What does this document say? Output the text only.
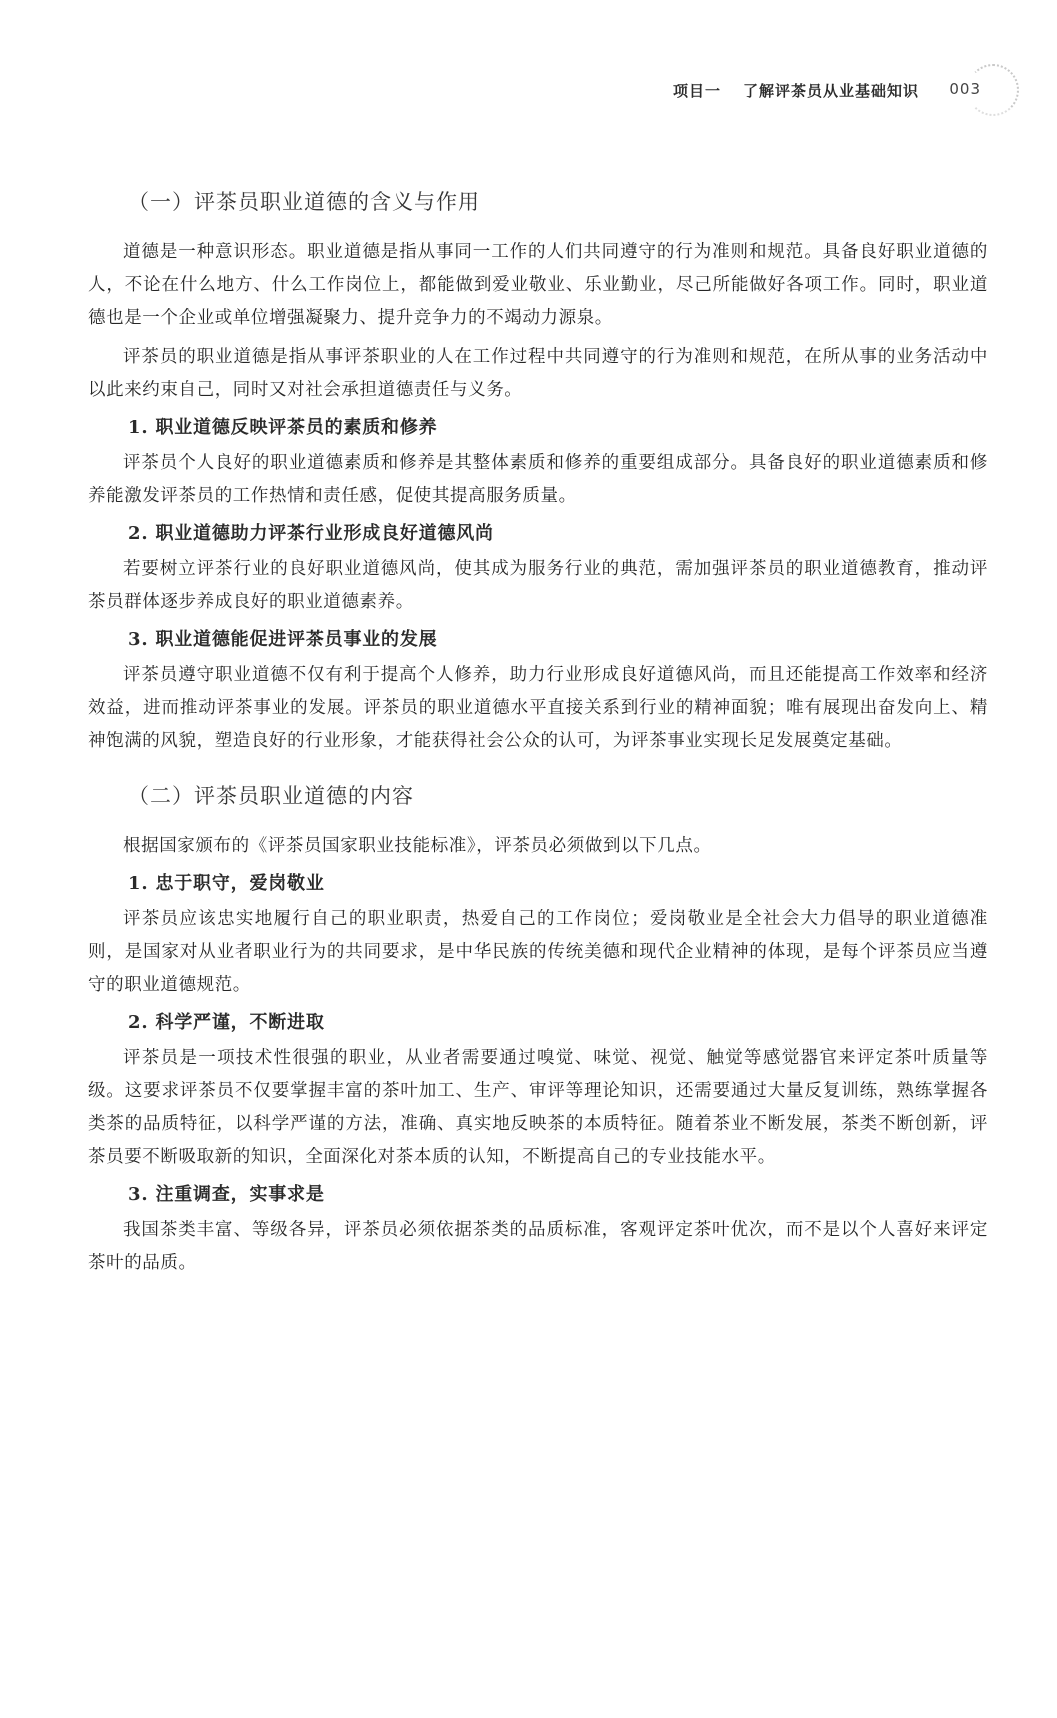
项目一 了解评茶员从业基础知识 003
（一）评茶员职业道德的含义与作用

道德是一种意识形态。职业道德是指从事同一工作的人们共同遵守的行为准则和规范。具备良好职业道德的人，不论在什么地方、什么工作岗位上，都能做到爱业敬业、乐业勤业，尽己所能做好各项工作。同时，职业道德也是一个企业或单位增强凝聚力、提升竞争力的不竭动力源泉。

评茶员的职业道德是指从事评茶职业的人在工作过程中共同遵守的行为准则和规范，在所从事的业务活动中以此来约束自己，同时又对社会承担道德责任与义务。

1. 职业道德反映评茶员的素质和修养

评茶员个人良好的职业道德素质和修养是其整体素质和修养的重要组成部分。具备良好的职业道德素质和修养能激发评茶员的工作热情和责任感，促使其提高服务质量。

2. 职业道德助力评茶行业形成良好道德风尚

若要树立评茶行业的良好职业道德风尚，使其成为服务行业的典范，需加强评茶员的职业道德教育，推动评茶员群体逐步养成良好的职业道德素养。

3. 职业道德能促进评茶员事业的发展

评茶员遵守职业道德不仅有利于提高个人修养，助力行业形成良好道德风尚，而且还能提高工作效率和经济效益，进而推动评茶事业的发展。评茶员的职业道德水平直接关系到行业的精神面貌；唯有展现出奋发向上、精神饱满的风貌，塑造良好的行业形象，才能获得社会公众的认可，为评茶事业实现长足发展奠定基础。

（二）评茶员职业道德的内容

根据国家颁布的《评茶员国家职业技能标准》，评茶员必须做到以下几点。

1. 忠于职守，爱岗敬业

评茶员应该忠实地履行自己的职业职责，热爱自己的工作岗位；爱岗敬业是全社会大力倡导的职业道德准则，是国家对从业者职业行为的共同要求，是中华民族的传统美德和现代企业精神的体现，是每个评茶员应当遵守的职业道德规范。

2. 科学严谨，不断进取

评茶员是一项技术性很强的职业，从业者需要通过嗅觉、味觉、视觉、触觉等感觉器官来评定茶叶质量等级。这要求评茶员不仅要掌握丰富的茶叶加工、生产、审评等理论知识，还需要通过大量反复训练，熟练掌握各类茶的品质特征，以科学严谨的方法，准确、真实地反映茶的本质特征。随着茶业不断发展，茶类不断创新，评茶员要不断吸取新的知识，全面深化对茶本质的认知，不断提高自己的专业技能水平。

3. 注重调查，实事求是

我国茶类丰富、等级各异，评茶员必须依据茶类的品质标准，客观评定茶叶优次，而不是以个人喜好来评定茶叶的品质。
